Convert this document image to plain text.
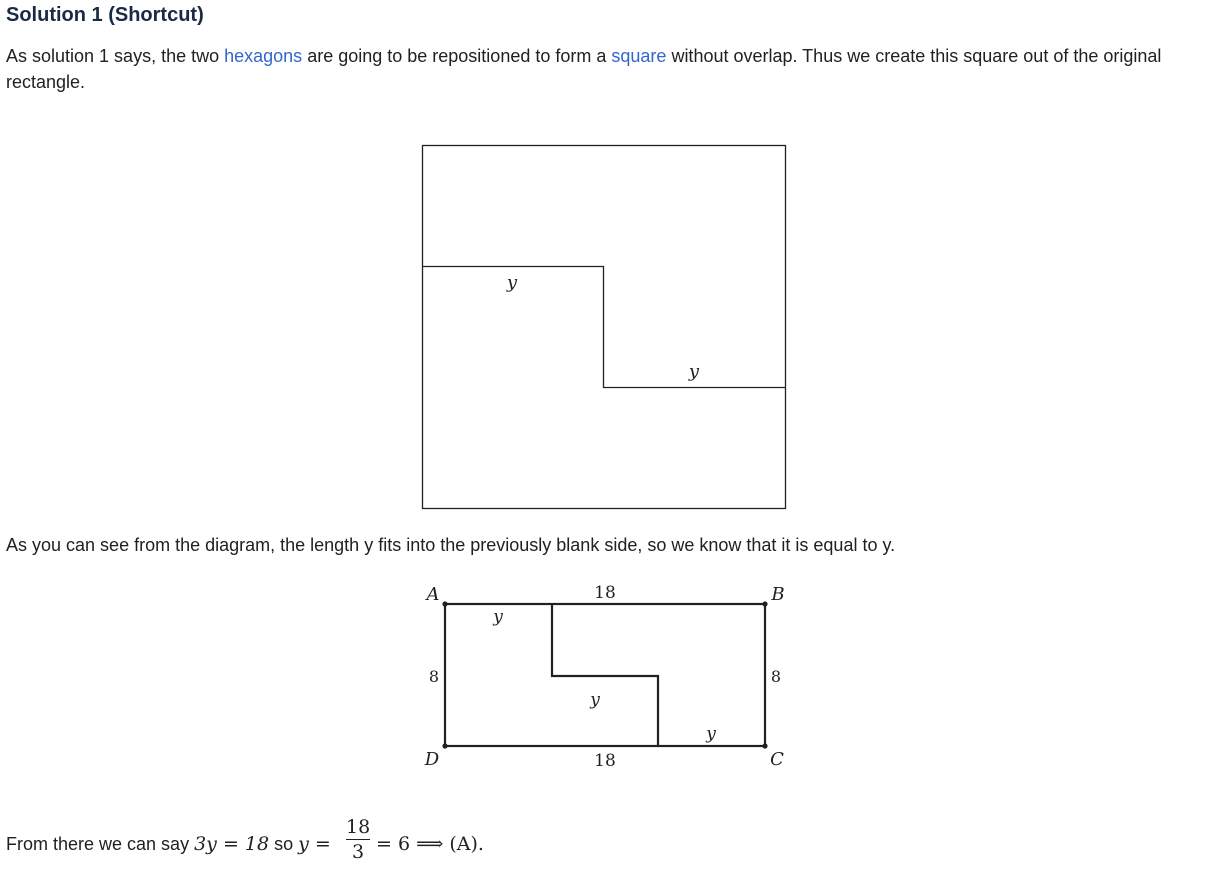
Solution 1 (Shortcut)

As solution 1 says, the two hexagons are going to be repositioned to form a square without overlap. Thus we create this square out of the original rectangle.

y
y

As you can see from the diagram, the length y fits into the previously blank side, so we know that it is equal to y.

A	B
C
D
18
18
8	8
y
y
y

From there we can say 3y = 18 so y =

18
3 = 6 ⟹ (A).
